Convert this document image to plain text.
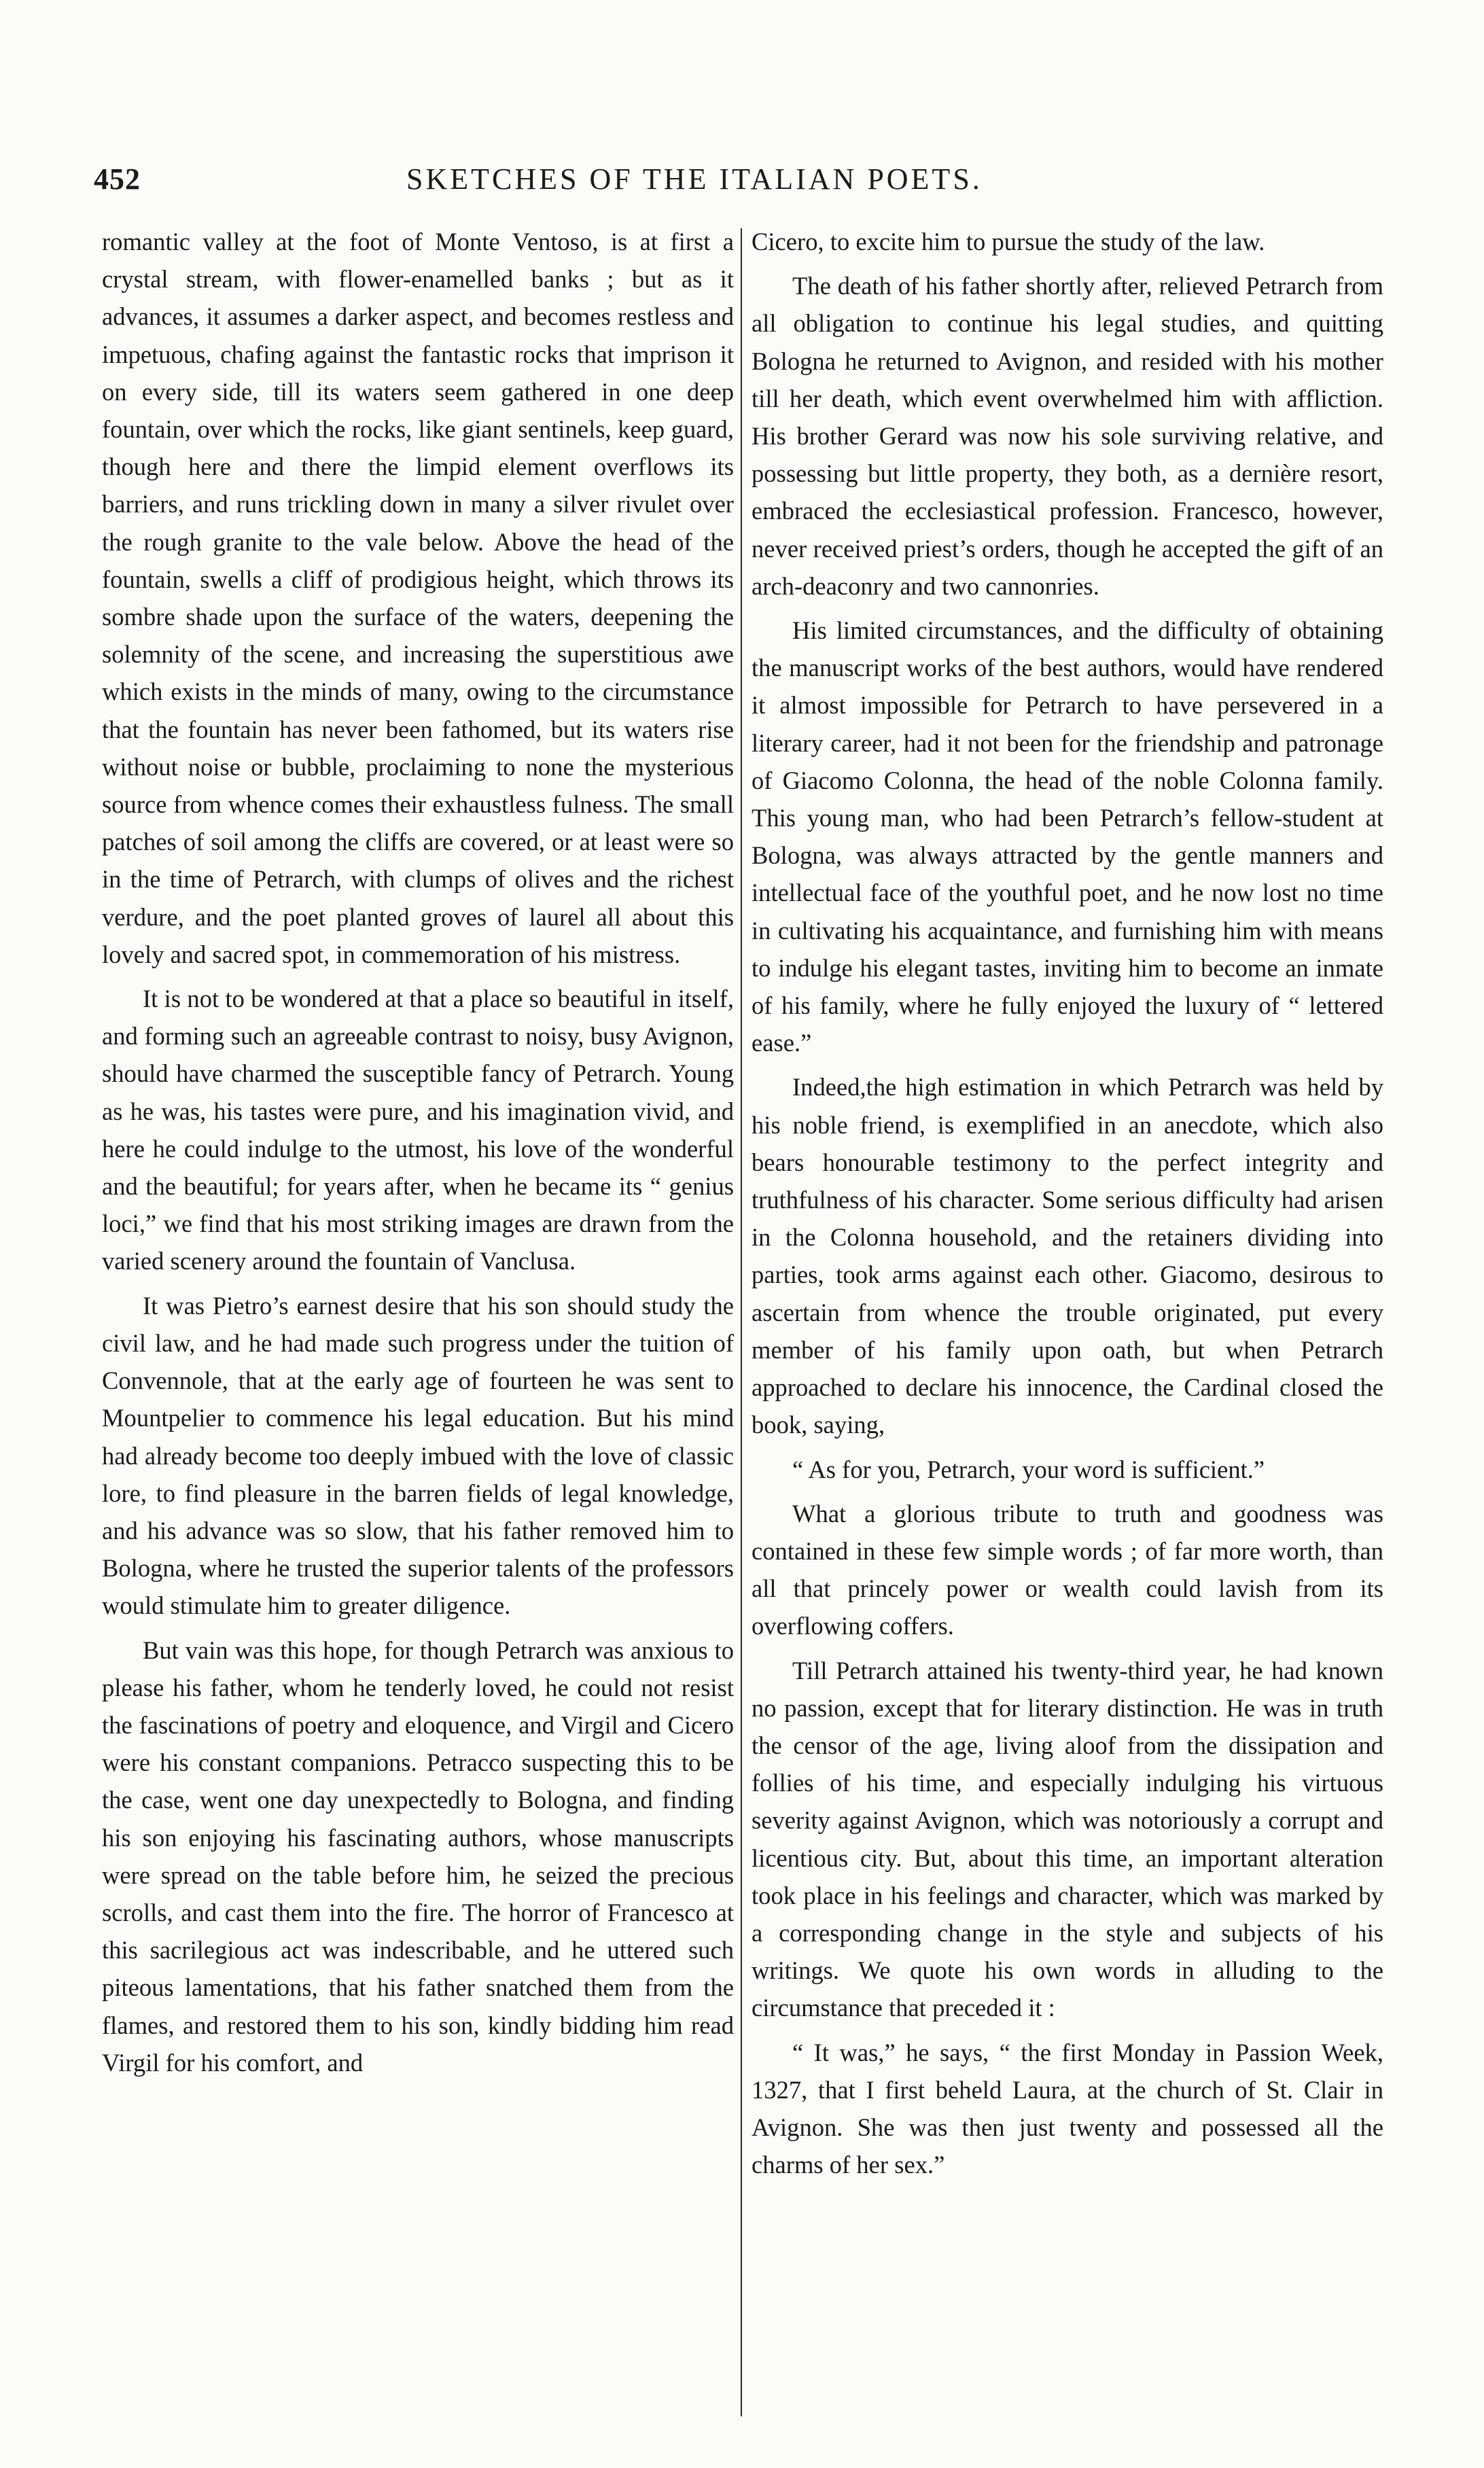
452	SKETCHES OF THE ITALIAN POETS.

romantic valley at the foot of Monte Ventoso, is at first a crystal stream, with flower-enamelled banks ; but as it advances, it assumes a darker aspect, and becomes restless and impetuous, chafing against the fantastic rocks that imprison it on every side, till its waters seem gathered in one deep fountain, over which the rocks, like giant sentinels, keep guard, though here and there the limpid element overflows its barriers, and runs trickling down in many a silver rivulet over the rough granite to the vale below. Above the head of the fountain, swells a cliff of prodigious height, which throws its sombre shade upon the surface of the waters, deepening the solemnity of the scene, and increasing the superstitious awe which exists in the minds of many, owing to the circumstance that the fountain has never been fathomed, but its waters rise without noise or bubble, proclaiming to none the mysterious source from whence comes their exhaustless fulness. The small patches of soil among the cliffs are covered, or at least were so in the time of Petrarch, with clumps of olives and the richest verdure, and the poet planted groves of laurel all about this lovely and sacred spot, in commemoration of his mistress.

It is not to be wondered at that a place so beautiful in itself, and forming such an agreeable contrast to noisy, busy Avignon, should have charmed the susceptible fancy of Petrarch. Young as he was, his tastes were pure, and his imagination vivid, and here he could indulge to the utmost, his love of the wonderful and the beautiful; for years after, when he became its “ genius loci,” we find that his most striking images are drawn from the varied scenery around the fountain of Vanclusa.

It was Pietro’s earnest desire that his son should study the civil law, and he had made such progress under the tuition of Convennole, that at the early age of fourteen he was sent to Mountpelier to commence his legal education. But his mind had already become too deeply imbued with the love of classic lore, to find pleasure in the barren fields of legal knowledge, and his advance was so slow, that his father removed him to Bologna, where he trusted the superior talents of the professors would stimulate him to greater diligence.

But vain was this hope, for though Petrarch was anxious to please his father, whom he tenderly loved, he could not resist the fascinations of poetry and eloquence, and Virgil and Cicero were his constant companions. Petracco suspecting this to be the case, went one day unexpectedly to Bologna, and finding his son enjoying his fascinating authors, whose manuscripts were spread on the table before him, he seized the precious scrolls, and cast them into the fire. The horror of Francesco at this sacrilegious act was indescribable, and he uttered such piteous lamentations, that his father snatched them from the flames, and restored them to his son, kindly bidding him read Virgil for his comfort, and

Cicero, to excite him to pursue the study of the law.

The death of his father shortly after, relieved Petrarch from all obligation to continue his legal studies, and quitting Bologna he returned to Avignon, and resided with his mother till her death, which event overwhelmed him with affliction. His brother Gerard was now his sole surviving relative, and possessing but little property, they both, as a dernière resort, embraced the ecclesiastical profession. Francesco, however, never received priest’s orders, though he accepted the gift of an arch-deaconry and two cannonries.

His limited circumstances, and the difficulty of obtaining the manuscript works of the best authors, would have rendered it almost impossible for Petrarch to have persevered in a literary career, had it not been for the friendship and patronage of Giacomo Colonna, the head of the noble Colonna family. This young man, who had been Petrarch’s fellow-student at Bologna, was always attracted by the gentle manners and intellectual face of the youthful poet, and he now lost no time in cultivating his acquaintance, and furnishing him with means to indulge his elegant tastes, inviting him to become an inmate of his family, where he fully enjoyed the luxury of “ lettered ease.”

Indeed,the high estimation in which Petrarch was held by his noble friend, is exemplified in an anecdote, which also bears honourable testimony to the perfect integrity and truthfulness of his character. Some serious difficulty had arisen in the Colonna household, and the retainers dividing into parties, took arms against each other. Giacomo, desirous to ascertain from whence the trouble originated, put every member of his family upon oath, but when Petrarch approached to declare his innocence, the Cardinal closed the book, saying,

“ As for you, Petrarch, your word is sufficient.”

What a glorious tribute to truth and goodness was contained in these few simple words ; of far more worth, than all that princely power or wealth could lavish from its overflowing coffers.

Till Petrarch attained his twenty-third year, he had known no passion, except that for literary distinction. He was in truth the censor of the age, living aloof from the dissipation and follies of his time, and especially indulging his virtuous severity against Avignon, which was notoriously a corrupt and licentious city. But, about this time, an important alteration took place in his feelings and character, which was marked by a corresponding change in the style and subjects of his writings. We quote his own words in alluding to the circumstance that preceded it :

“ It was,” he says, “ the first Monday in Passion Week, 1327, that I first beheld Laura, at the church of St. Clair in Avignon. She was then just twenty and possessed all the charms of her sex.”
